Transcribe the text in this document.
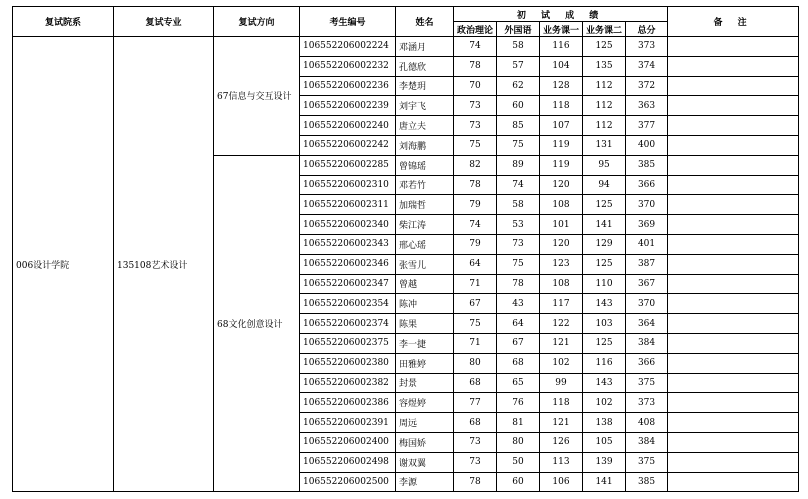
复试院系	复试专业	复试方向	考生编号	姓名	初 试 成 绩					备 注
					政治理论	外国语	业务课一	业务课二	总分	
006设计学院	135108艺术设计	67信息与交互设计	106552206002224	邓涵月	74	58	116	125	373	
			106552206002232	孔德欣	78	57	104	135	374	
			106552206002236	李楚玥	70	62	128	112	372	
			106552206002239	刘宇飞	73	60	118	112	363	
			106552206002240	唐立夫	73	85	107	112	377	
			106552206002242	刘海鹏	75	75	119	131	400	
		68文化创意设计	106552206002285	曾锦瑶	82	89	119	95	385	
			106552206002310	邓若竹	78	74	120	94	366	
			106552206002311	加瑞哲	79	58	108	125	370	
			106552206002340	柴江涛	74	53	101	141	369	
			106552206002343	邢心瑶	79	73	120	129	401	
			106552206002346	张雪儿	64	75	123	125	387	
			106552206002347	曾越	71	78	108	110	367	
			106552206002354	陈冲	67	43	117	143	370	
			106552206002374	陈果	75	64	122	103	364	
			106552206002375	李一捷	71	67	121	125	384	
			106552206002380	田雅婷	80	68	102	116	366	
			106552206002382	封景	68	65	99	143	375	
			106552206002386	容煜婷	77	76	118	102	373	
			106552206002391	周远	68	81	121	138	408	
			106552206002400	梅国娇	73	80	126	105	384	
			106552206002498	谢双翼	73	50	113	139	375	
			106552206002500	李源	78	60	106	141	385	
